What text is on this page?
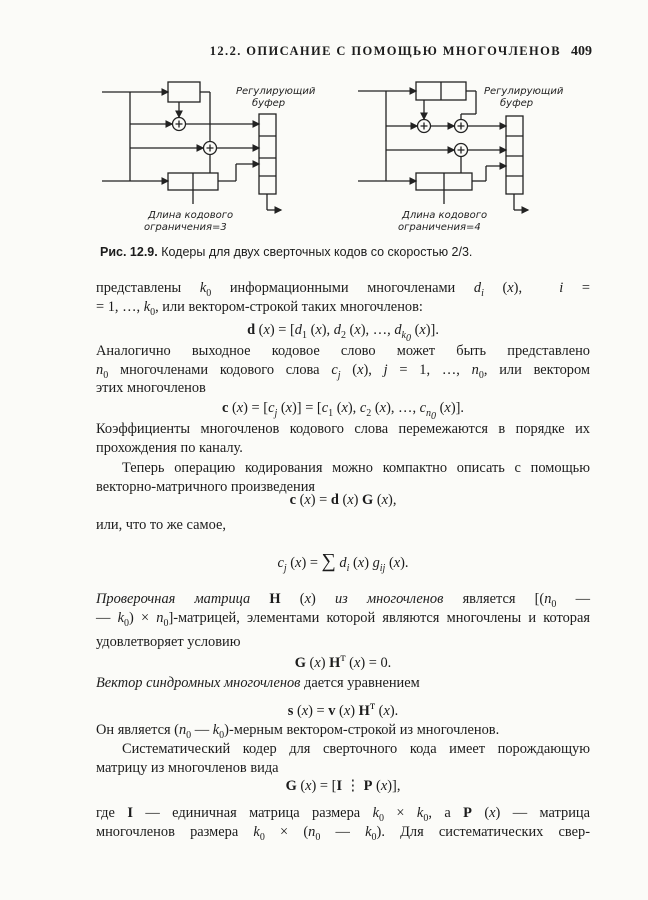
12.2. ОПИСАНИЕ С ПОМОЩЬЮ МНОГОЧЛЕНОВ 409
Регулирующий
буфер
Длина кодового
ограничения=3
Регулирующий
буфер
Длина кодового
ограничения=4
Рис. 12.9. Кодеры для двух сверточных кодов со скоростью 2/3.
представлены $k_0$ информационными многочленами $d_i$ (x),  i =
= 1, …, $k_0$, или вектором-строкой таких многочленов:
d $(x) = [d_1$ (x), $d_2$ (x), …, $d_{k_0}$ (x)].
Аналогично выходное кодовое слово может быть представлено
$n_0$ многочленами кодового слова $c_j$ (x), j = 1, …, $n_0$, или вектором
этих многочленов
c $(x) = [c_j$ $(x)] = [c_1$ (x), $c_2$ (x), …, $c_{n_0}$ (x)].
Коэффициенты многочленов кодового слова перемежаются в порядке их прохождения по каналу.
Теперь операцию кодирования можно компактно описать с помощью векторно-матричного произведения
c (x) = d (x) G (x),
или, что то же самое,
$c_j$ (x) = ∑ $d_i$ (x) $g_{ij}$ (x).
Проверочная матрица H (x) из многочленов является [($n_0$ —
— $k_0$) × $n_0$]-матрицей, элементами которой являются многочлены и которая удовлетворяет условию
G (x) $H^т$ (x) = 0.
Вектор синдромных многочленов дается уравнением
s (x) = v (x) $H^т$ (x).
Он является ($n_0$ — $k_0$)-мерным вектором-строкой из многочленов.
Систематический кодер для сверточного кода имеет порождающую матрицу из многочленов вида
G (x) = [I ⋮ P (x)],
где I — единичная матрица размера $k_0 \times k_0$, а P (x) — матрица
многочленов размера $k_0 \times (n_0$ — $k_0$). Для систематических свер-
